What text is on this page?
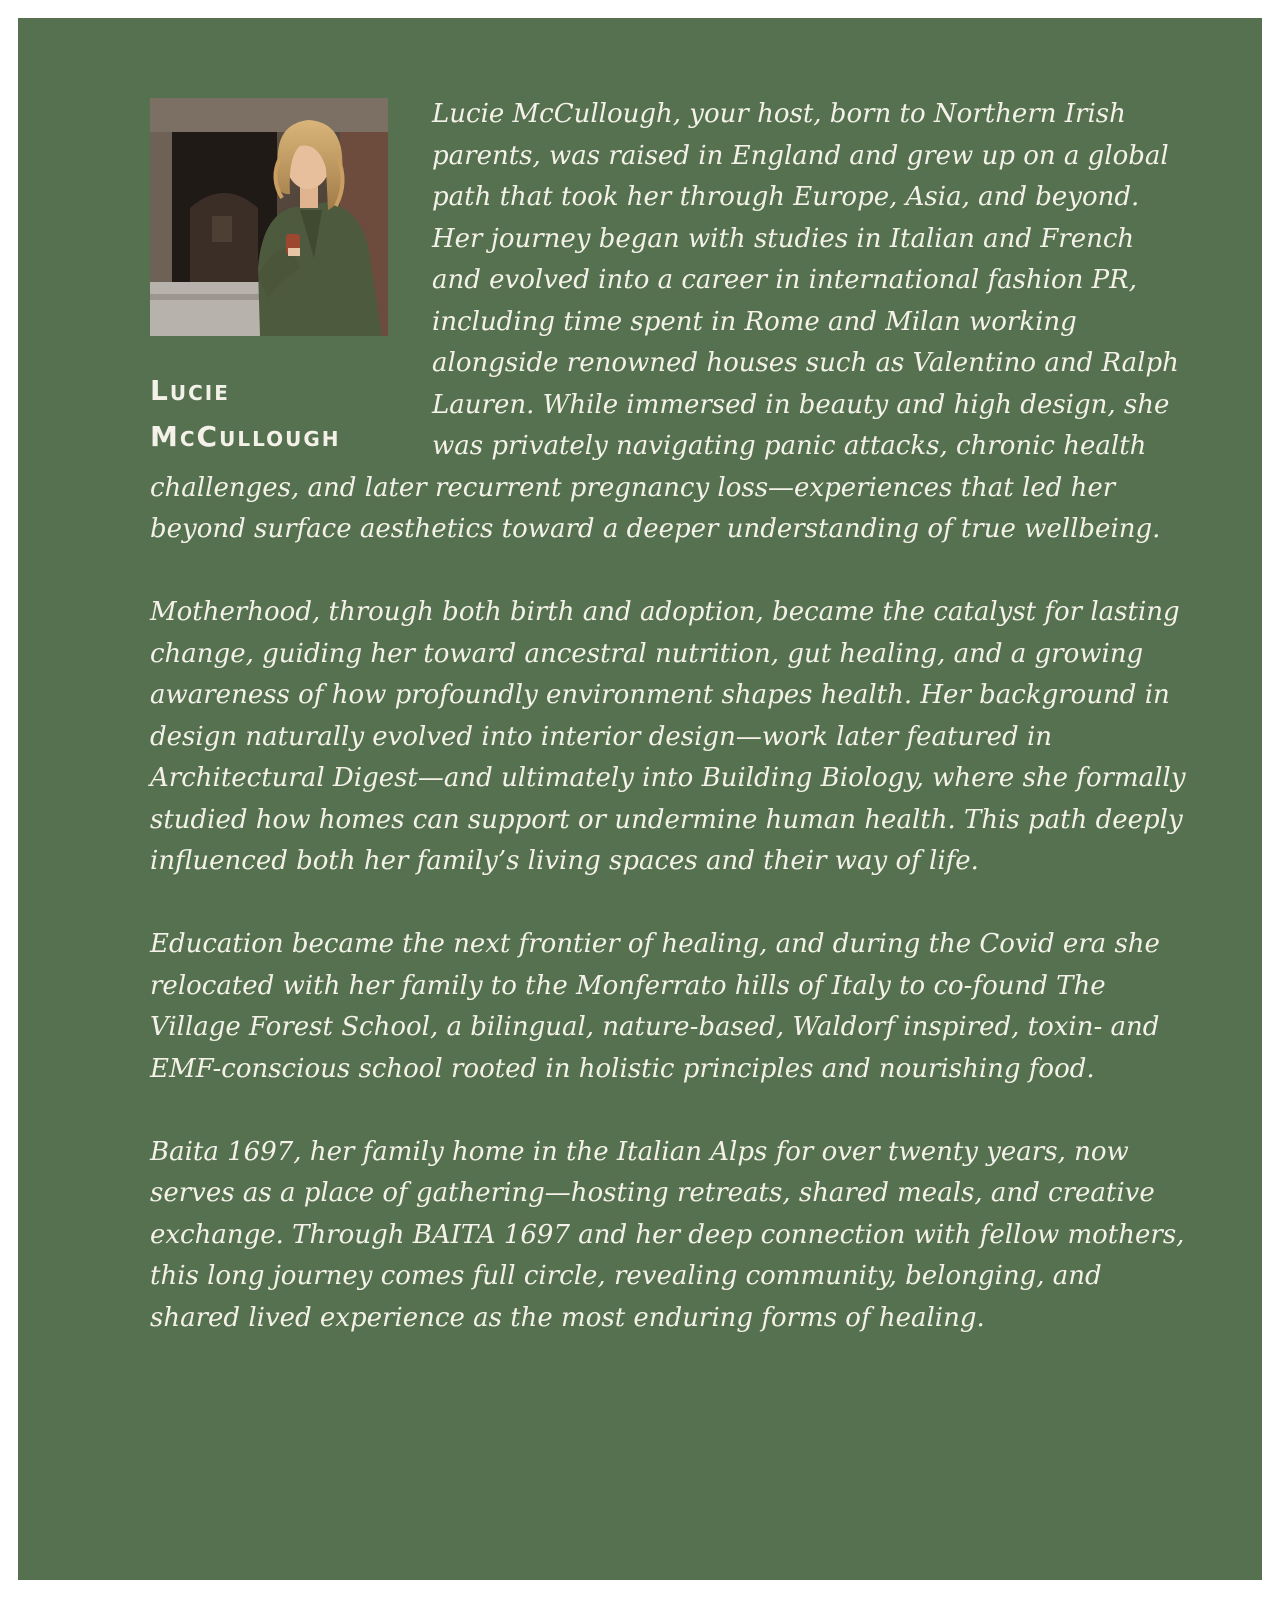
Lucie
McCullough

Lucie McCullough, your host, born to Northern Irish parents, was raised in England and grew up on a global path that took her through Europe, Asia, and beyond. Her journey began with studies in Italian and French and evolved into a career in international fashion PR, including time spent in Rome and Milan working alongside renowned houses such as Valentino and Ralph Lauren. While immersed in beauty and high design, she was privately navigating panic attacks, chronic health challenges, and later recurrent pregnancy loss—experiences that led her beyond surface aesthetics toward a deeper understanding of true wellbeing.

Motherhood, through both birth and adoption, became the catalyst for lasting change, guiding her toward ancestral nutrition, gut healing, and a growing awareness of how profoundly environment shapes health. Her background in design naturally evolved into interior design—work later featured in Architectural Digest—and ultimately into Building Biology, where she formally studied how homes can support or undermine human health. This path deeply influenced both her family’s living spaces and their way of life.

Education became the next frontier of healing, and during the Covid era she relocated with her family to the Monferrato hills of Italy to co-found The Village Forest School, a bilingual, nature-based, Waldorf inspired, toxin- and EMF-conscious school rooted in holistic principles and nourishing food.

Baita 1697, her family home in the Italian Alps for over twenty years, now serves as a place of gathering—hosting retreats, shared meals, and creative exchange. Through BAITA 1697 and her deep connection with fellow mothers, this long journey comes full circle, revealing community, belonging, and shared lived experience as the most enduring forms of healing.
